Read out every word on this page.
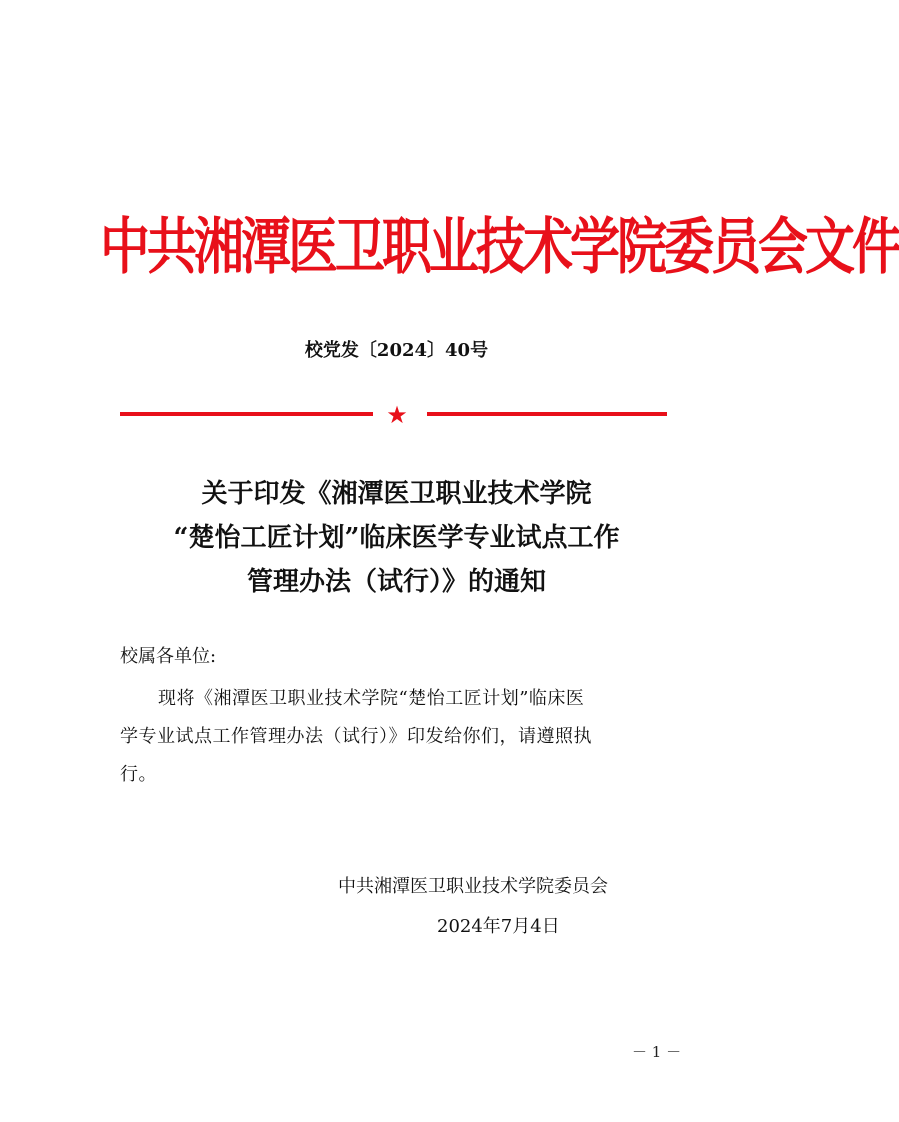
中共湘潭医卫职业技术学院委员会文件
校党发〔2024〕40号
★
关于印发《湘潭医卫职业技术学院
“楚怡工匠计划”临床医学专业试点工作
管理办法（试行）》的通知
校属各单位:
现将《湘潭医卫职业技术学院“楚怡工匠计划”临床医
学专业试点工作管理办法（试行）》印发给你们，请遵照执
行。
中共湘潭医卫职业技术学院委员会
2024年7月4日
－ 1 －
